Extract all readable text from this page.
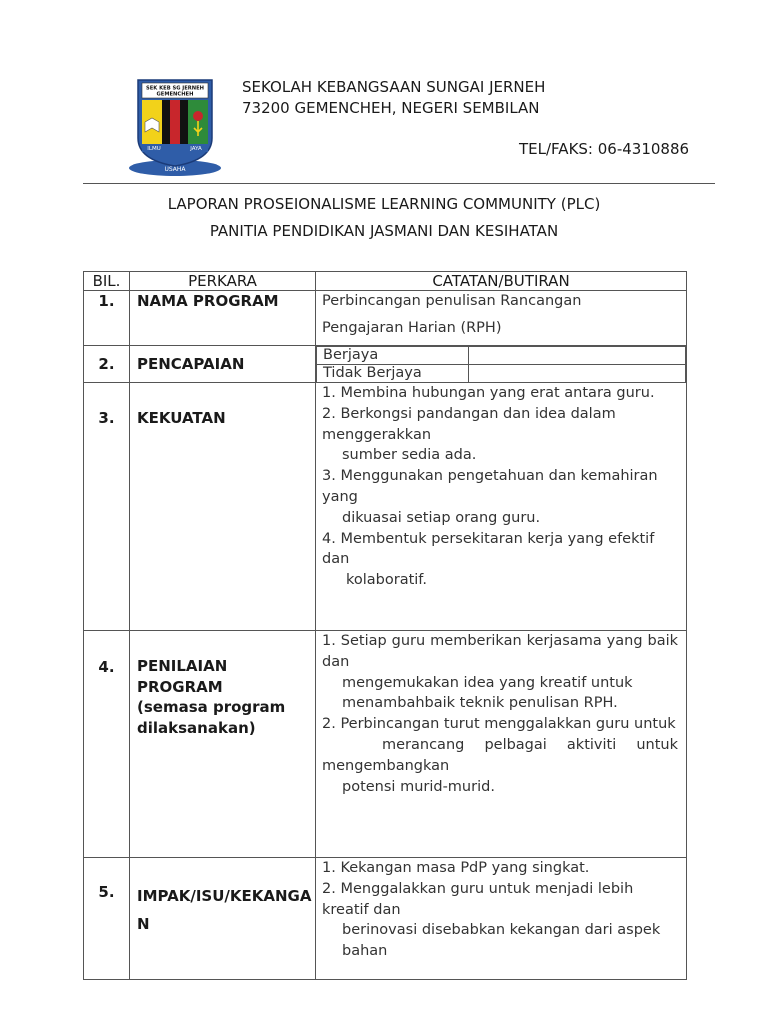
USAHA
SEK KEB SG JERNEH
GEMENCHEH
ILMU	JAYA
SEKOLAH KEBANGSAAN SUNGAI JERNEH
73200 GEMENCHEH, NEGERI SEMBILAN
TEL/FAKS: 06-4310886
LAPORAN PROSEIONALISME LEARNING COMMUNITY (PLC)
PANITIA PENDIDIKAN JASMANI DAN KESIHATAN
BIL.	PERKARA	CATATAN/BUTIRAN
1.	NAMA PROGRAM	Perbincangan penulisan Rancangan

Pengajaran Harian (RPH)

2.	PENCAPAIAN		Berjaya	
Tidak Berjaya	

3.	KEKUATAN	

1. Membina hubungan yang erat antara guru.

2. Berkongsi pandangan dan idea dalam menggerakkan

sumber sedia ada.

3. Menggunakan pengetahuan dan kemahiran yang

dikuasai setiap orang guru.

4. Membentuk persekitaran kerja yang efektif dan

kolaboratif.

4.	PENILAIAN PROGRAM
(semasa program dilaksanakan)

1. Setiap guru memberikan kerjasama yang baik dan

mengemukakan idea yang kreatif untuk

menambahbaik teknik penulisan RPH.

2. Perbincangan turut menggalakkan guru untuk

merancang pelbagai aktiviti untuk mengembangkan

potensi murid-murid.

5.	IMPAK/ISU/KEKANGAN	

1. Kekangan masa PdP yang singkat.

2. Menggalakkan guru untuk menjadi lebih kreatif dan

berinovasi disebabkan kekangan dari aspek bahan
